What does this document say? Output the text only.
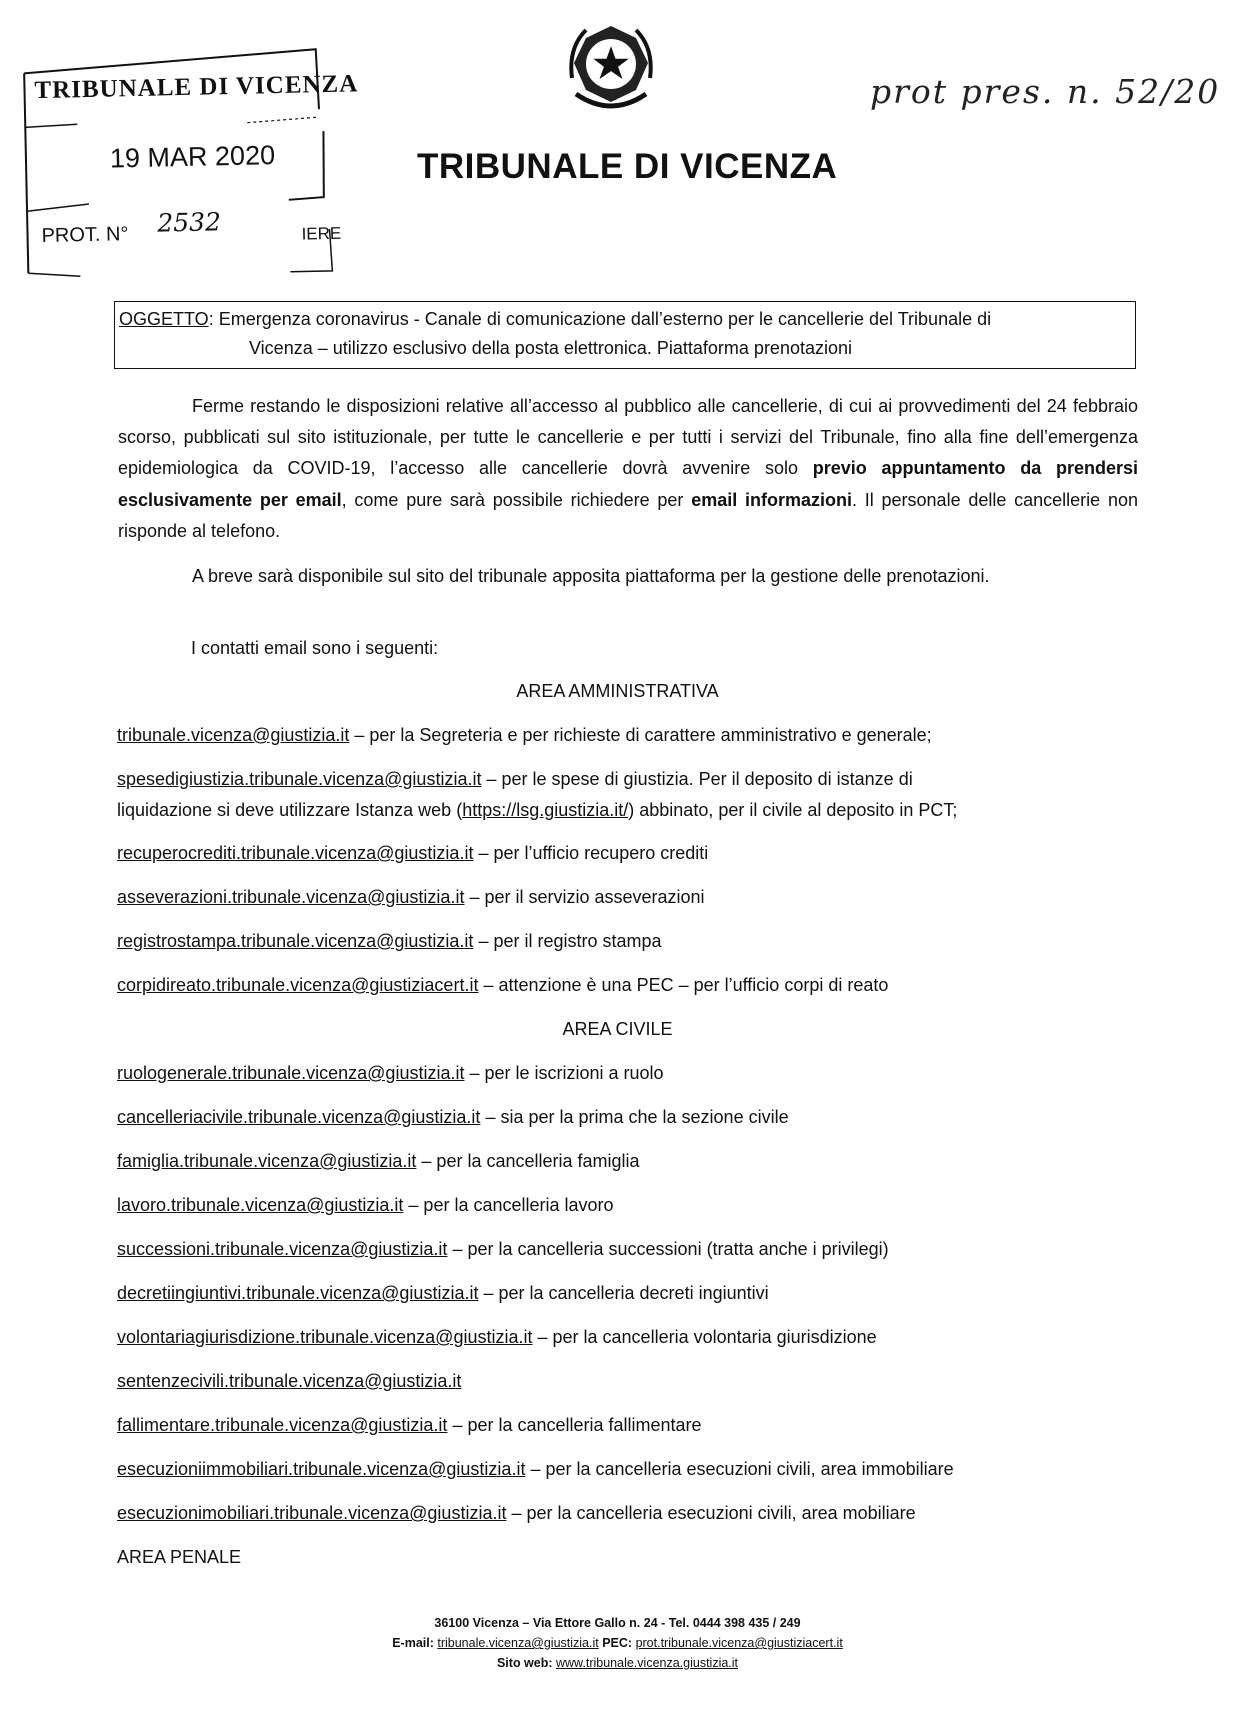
TRIBUNALE DI VICENZA
19 MAR 2020
PROT. N° 2532	IERE
prot pres. n. 52/20
TRIBUNALE DI VICENZA
OGGETTO: Emergenza coronavirus - Canale di comunicazione dall’esterno per le cancellerie del Tribunale di
Vicenza – utilizzo esclusivo della posta elettronica. Piattaforma prenotazioni
Ferme restando le disposizioni relative all’accesso al pubblico alle cancellerie, di cui ai provvedimenti del 24 febbraio scorso, pubblicati sul sito istituzionale, per tutte le cancellerie e per tutti i servizi del Tribunale, fino alla fine dell’emergenza epidemiologica da COVID-19, l’accesso alle cancellerie dovrà avvenire solo previo appuntamento da prendersi esclusivamente per email, come pure sarà possibile richiedere per email informazioni. Il personale delle cancellerie non risponde al telefono.
A breve sarà disponibile sul sito del tribunale apposita piattaforma per la gestione delle prenotazioni.
I contatti email sono i seguenti:
AREA AMMINISTRATIVA
tribunale.vicenza@giustizia.it – per la Segreteria e per richieste di carattere amministrativo e generale;
spesedigiustizia.tribunale.vicenza@giustizia.it – per le spese di giustizia. Per il deposito di istanze di
liquidazione si deve utilizzare Istanza web (https://lsg.giustizia.it/) abbinato, per il civile al deposito in PCT;
recuperocrediti.tribunale.vicenza@giustizia.it – per l’ufficio recupero crediti
asseverazioni.tribunale.vicenza@giustizia.it – per il servizio asseverazioni
registrostampa.tribunale.vicenza@giustizia.it – per il registro stampa
corpidireato.tribunale.vicenza@giustiziacert.it – attenzione è una PEC – per l’ufficio corpi di reato
AREA CIVILE
ruologenerale.tribunale.vicenza@giustizia.it – per le iscrizioni a ruolo
cancelleriacivile.tribunale.vicenza@giustizia.it – sia per la prima che la sezione civile
famiglia.tribunale.vicenza@giustizia.it – per la cancelleria famiglia
lavoro.tribunale.vicenza@giustizia.it – per la cancelleria lavoro
successioni.tribunale.vicenza@giustizia.it – per la cancelleria successioni (tratta anche i privilegi)
decretiingiuntivi.tribunale.vicenza@giustizia.it – per la cancelleria decreti ingiuntivi
volontariagiurisdizione.tribunale.vicenza@giustizia.it – per la cancelleria volontaria giurisdizione
sentenzecivili.tribunale.vicenza@giustizia.it
fallimentare.tribunale.vicenza@giustizia.it – per la cancelleria fallimentare
esecuzioniimmobiliari.tribunale.vicenza@giustizia.it – per la cancelleria esecuzioni civili, area immobiliare
esecuzionimobiliari.tribunale.vicenza@giustizia.it – per la cancelleria esecuzioni civili, area mobiliare
AREA PENALE
36100 Vicenza – Via Ettore Gallo n. 24 - Tel. 0444 398 435 / 249
E-mail: tribunale.vicenza@giustizia.it PEC: prot.tribunale.vicenza@giustiziacert.it
Sito web: www.tribunale.vicenza.giustizia.it
